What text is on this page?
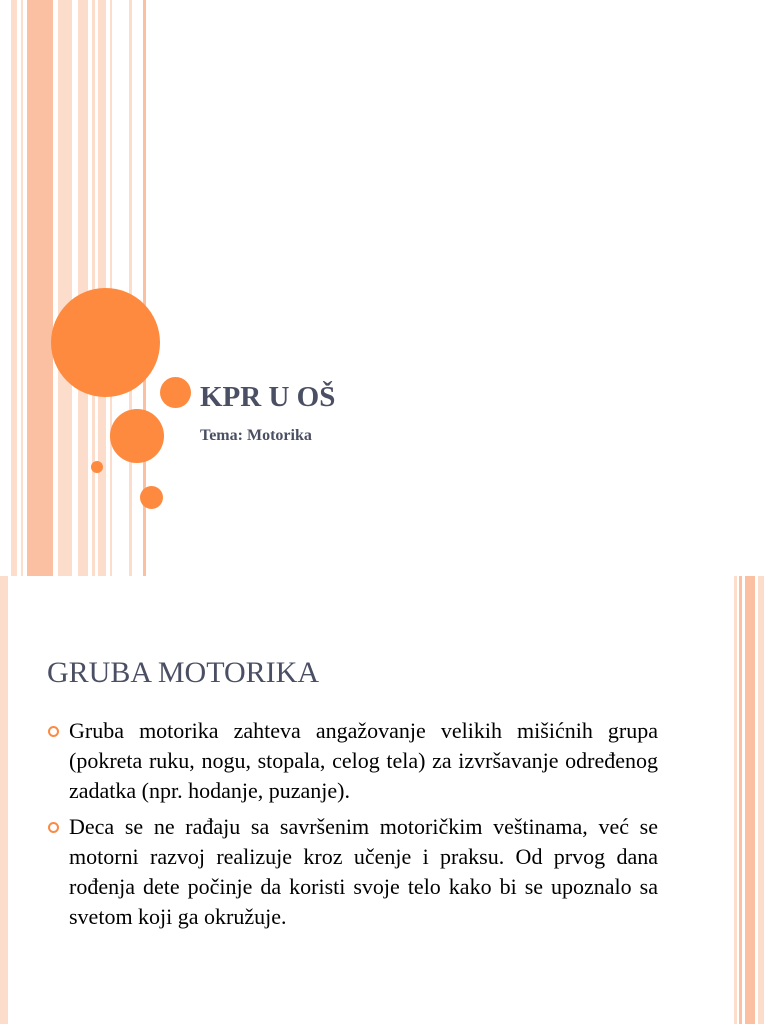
KPR U OŠ

Tema: Motorika

GRUBA MOTORIKA
Gruba motorika zahteva angažovanje velikih mišićnih grupa (pokreta ruku, nogu, stopala, celog tela) za izvršavanje određenog zadatka (npr. hodanje, puzanje).
Deca se ne rađaju sa savršenim motoričkim veštinama, već se motorni razvoj realizuje kroz učenje i praksu. Od prvog dana rođenja dete počinje da koristi svoje telo kako bi se upoznalo sa svetom koji ga okružuje.
